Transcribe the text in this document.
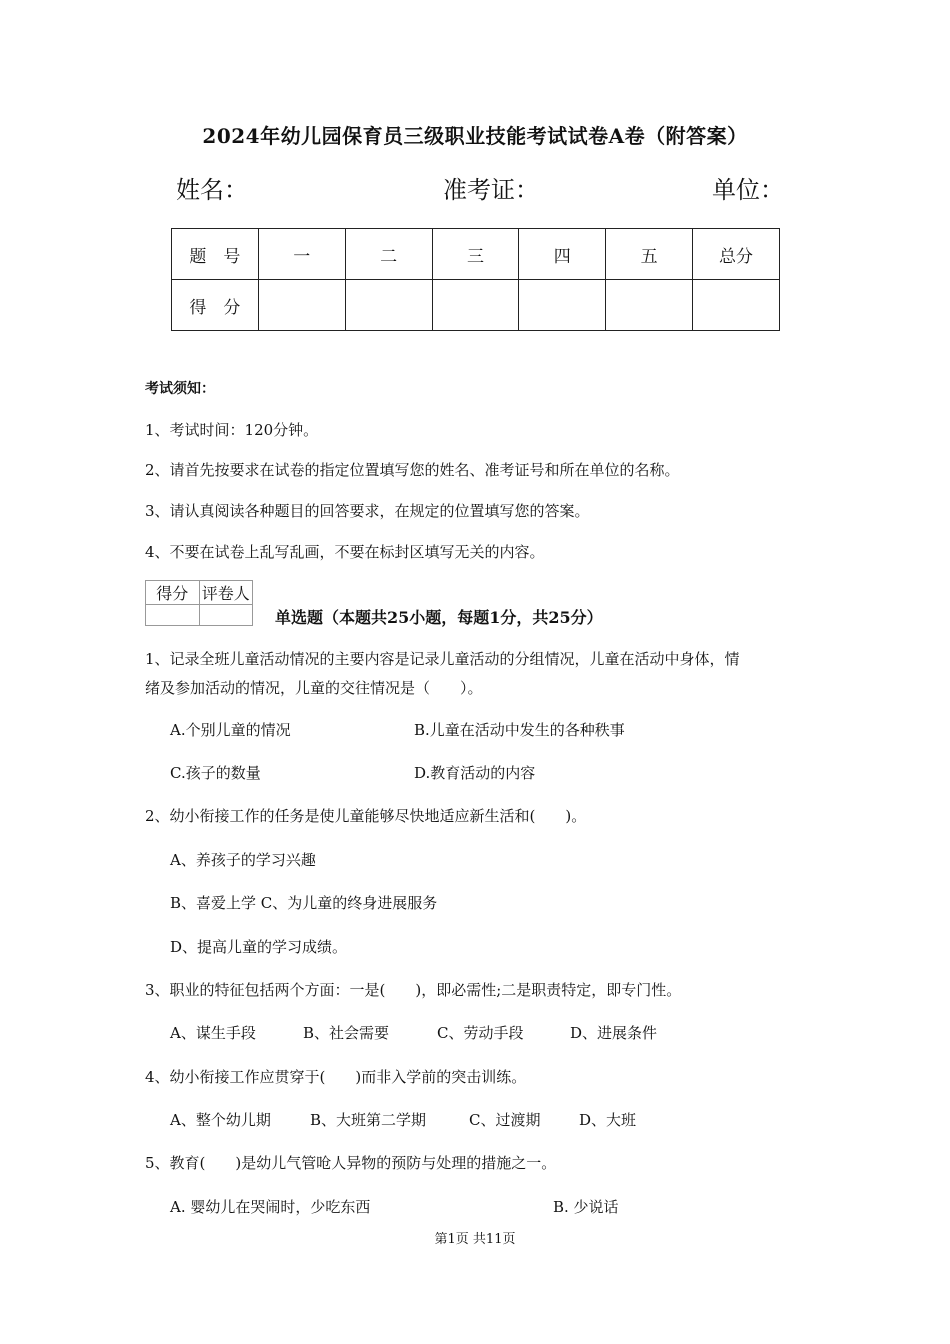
2024年幼儿园保育员三级职业技能考试试卷A卷（附答案）
姓名：	准考证：	单位：
题　号	一	二	三	四	五	总分
得　分						
考试须知：
1、考试时间：120分钟。
2、请首先按要求在试卷的指定位置填写您的姓名、准考证号和所在单位的名称。
3、请认真阅读各种题目的回答要求，在规定的位置填写您的答案。
4、不要在试卷上乱写乱画，不要在标封区填写无关的内容。
得分	评卷人

单选题（本题共25小题，每题1分，共25分）
1、记录全班儿童活动情况的主要内容是记录儿童活动的分组情况，儿童在活动中身体，情
绪及参加活动的情况，儿童的交往情况是（　　）。
A.个别儿童的情况	B.儿童在活动中发生的各种秩事
C.孩子的数量	D.教育活动的内容
2、幼小衔接工作的任务是使儿童能够尽快地适应新生活和(　　)。
A、养孩子的学习兴趣
B、喜爱上学 C、为儿童的终身进展服务
D、提高儿童的学习成绩。
3、职业的特征包括两个方面：一是(　　)，即必需性;二是职责特定，即专门性。
A、谋生手段	B、社会需要	C、劳动手段	D、进展条件
4、幼小衔接工作应贯穿于(　　)而非入学前的突击训练。
A、整个幼儿期	B、大班第二学期	C、过渡期	D、大班
5、教育(　　)是幼儿气管呛人异物的预防与处理的措施之一。
A. 婴幼儿在哭闹时，少吃东西	B. 少说话
第1页 共11页
